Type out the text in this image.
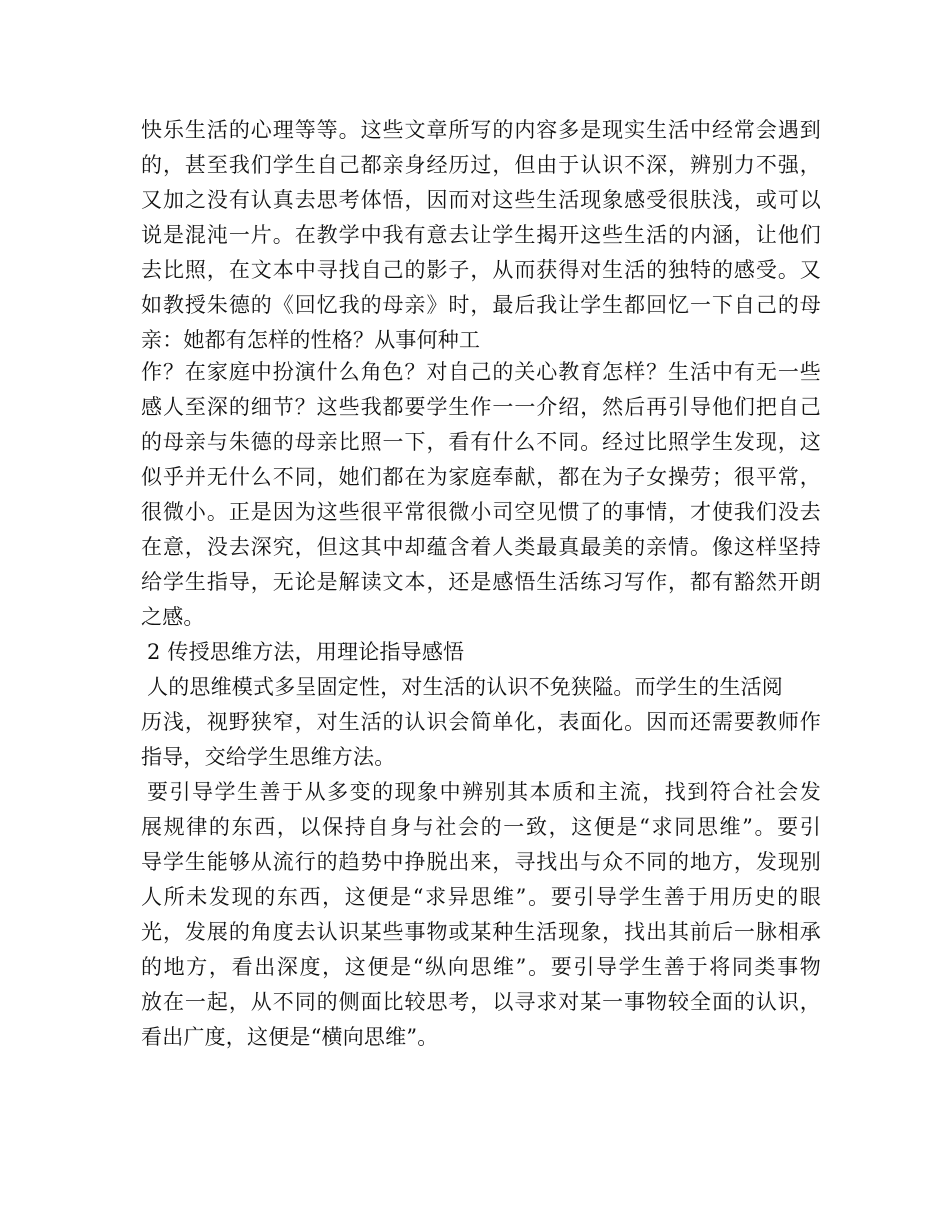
快乐生活的心理等等。这些文章所写的内容多是现实生活中经常会遇到
的，甚至我们学生自己都亲身经历过，但由于认识不深，辨别力不强，
又加之没有认真去思考体悟，因而对这些生活现象感受很肤浅，或可以
说是混沌一片。在教学中我有意去让学生揭开这些生活的内涵，让他们
去比照，在文本中寻找自己的影子，从而获得对生活的独特的感受。又
如教授朱德的《回忆我的母亲》时，最后我让学生都回忆一下自己的母
亲：她都有怎样的性格？从事何种工
作？在家庭中扮演什么角色？对自己的关心教育怎样？生活中有无一些
感人至深的细节？这些我都要学生作一一介绍，然后再引导他们把自己
的母亲与朱德的母亲比照一下，看有什么不同。经过比照学生发现，这
似乎并无什么不同，她们都在为家庭奉献，都在为子女操劳；很平常，
很微小。正是因为这些很平常很微小司空见惯了的事情，才使我们没去
在意，没去深究，但这其中却蕴含着人类最真最美的亲情。像这样坚持
给学生指导，无论是解读文本，还是感悟生活练习写作，都有豁然开朗
之感。
2 传授思维方法，用理论指导感悟
人的思维模式多呈固定性，对生活的认识不免狭隘。而学生的生活阅
历浅，视野狭窄，对生活的认识会简单化，表面化。因而还需要教师作
指导，交给学生思维方法。
要引导学生善于从多变的现象中辨别其本质和主流，找到符合社会发
展规律的东西，以保持自身与社会的一致，这便是“求同思维”。要引
导学生能够从流行的趋势中挣脱出来，寻找出与众不同的地方，发现别
人所未发现的东西，这便是“求异思维”。要引导学生善于用历史的眼
光，发展的角度去认识某些事物或某种生活现象，找出其前后一脉相承
的地方，看出深度，这便是“纵向思维”。要引导学生善于将同类事物
放在一起，从不同的侧面比较思考，以寻求对某一事物较全面的认识，
看出广度，这便是“横向思维”。
